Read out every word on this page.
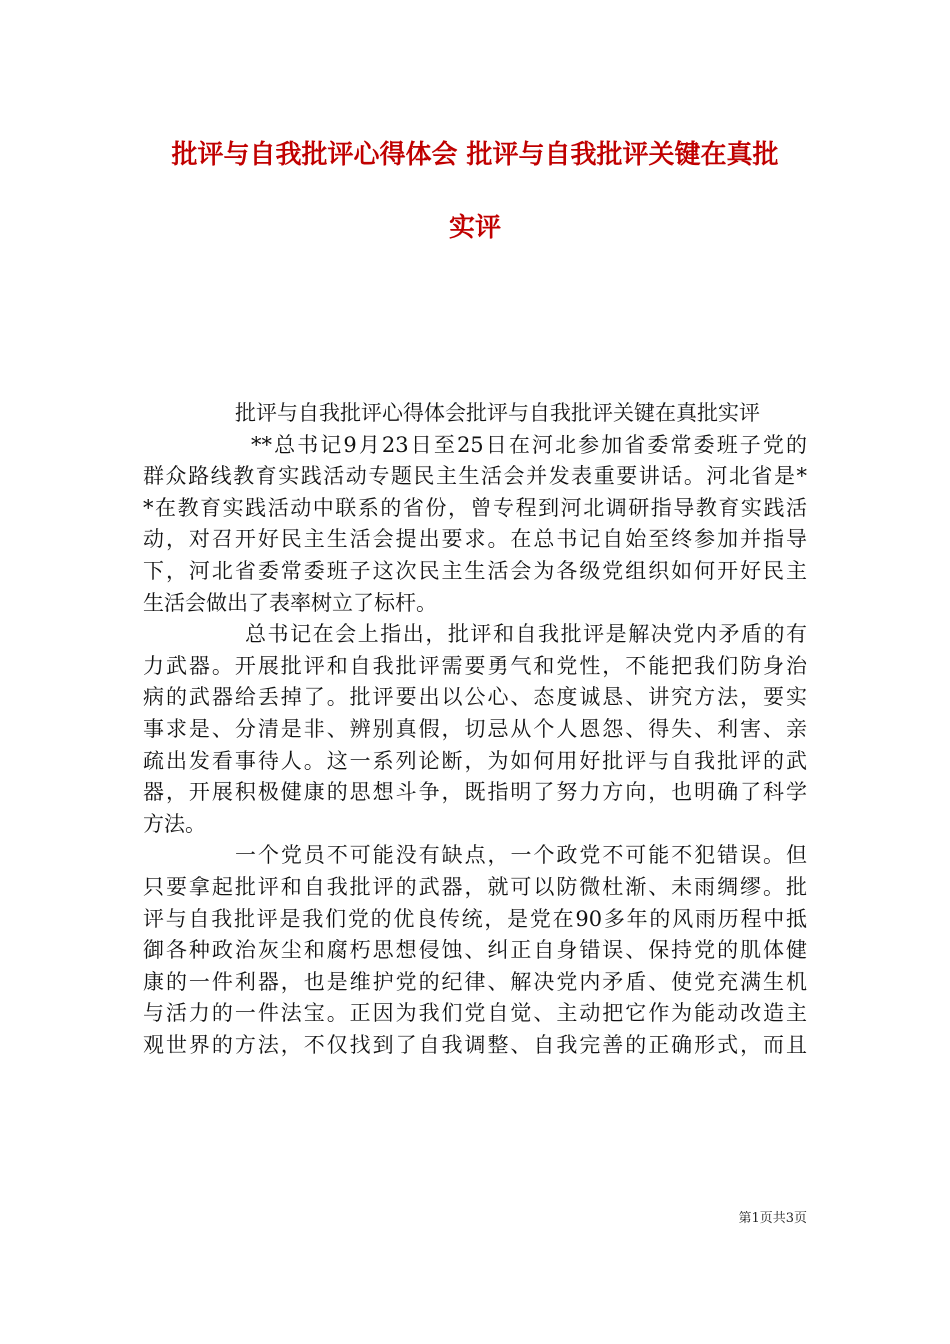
批评与自我批评心得体会 批评与自我批评关键在真批
实评
批评与自我批评心得体会批评与自我批评关键在真批实评
**总书记9月23日至25日在河北参加省委常委班子党的
群众路线教育实践活动专题民主生活会并发表重要讲话。河北省是*
*在教育实践活动中联系的省份，曾专程到河北调研指导教育实践活
动，对召开好民主生活会提出要求。在总书记自始至终参加并指导
下，河北省委常委班子这次民主生活会为各级党组织如何开好民主
生活会做出了表率树立了标杆。
总书记在会上指出，批评和自我批评是解决党内矛盾的有
力武器。开展批评和自我批评需要勇气和党性，不能把我们防身治
病的武器给丢掉了。批评要出以公心、态度诚恳、讲究方法，要实
事求是、分清是非、辨别真假，切忌从个人恩怨、得失、利害、亲
疏出发看事待人。这一系列论断，为如何用好批评与自我批评的武
器，开展积极健康的思想斗争，既指明了努力方向，也明确了科学
方法。
一个党员不可能没有缺点，一个政党不可能不犯错误。但
只要拿起批评和自我批评的武器，就可以防微杜渐、未雨绸缪。批
评与自我批评是我们党的优良传统，是党在90多年的风雨历程中抵
御各种政治灰尘和腐朽思想侵蚀、纠正自身错误、保持党的肌体健
康的一件利器，也是维护党的纪律、解决党内矛盾、使党充满生机
与活力的一件法宝。正因为我们党自觉、主动把它作为能动改造主
观世界的方法，不仅找到了自我调整、自我完善的正确形式，而且
第1页共3页
